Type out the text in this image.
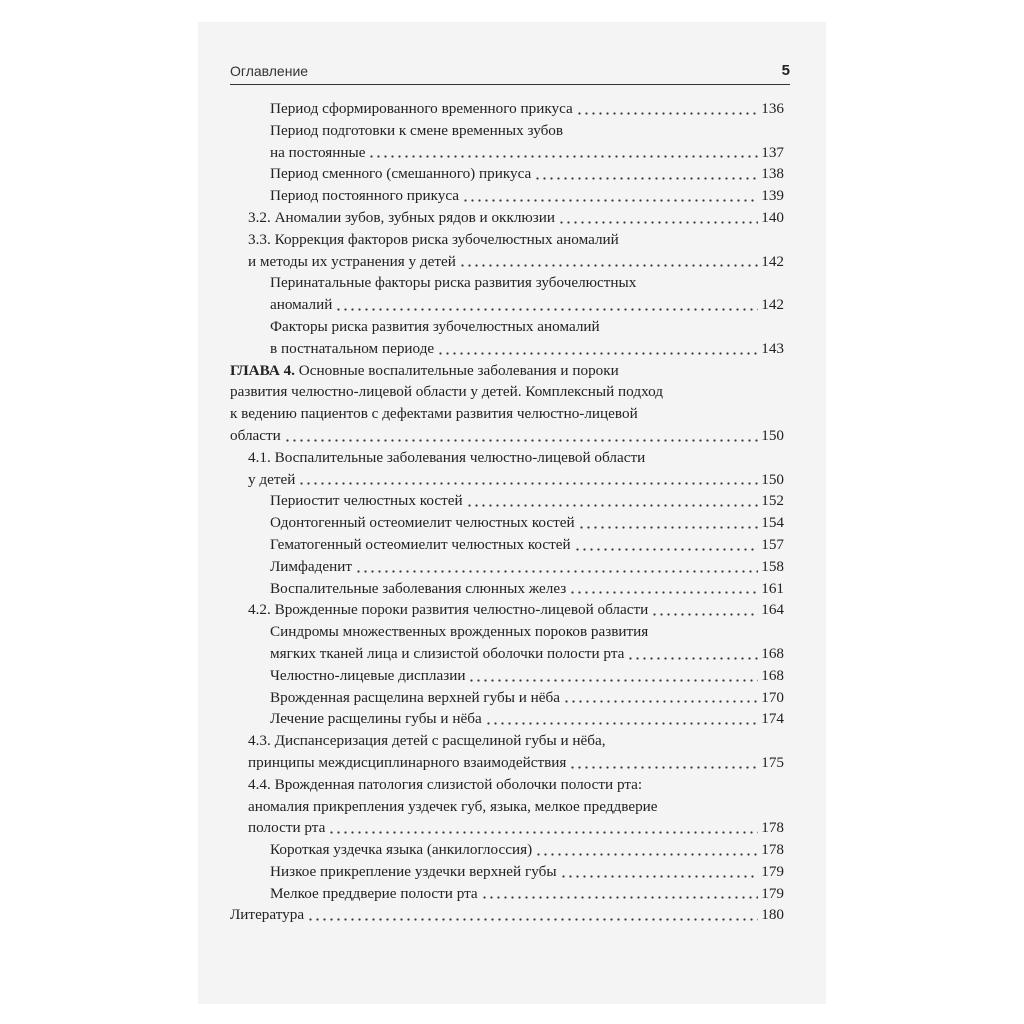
Оглавление	5
Период сформированного временного прикуса	136
Период подготовки к смене временных зубов
на постоянные	137
Период сменного (смешанного) прикуса	138
Период постоянного прикуса	139
3.2. Аномалии зубов, зубных рядов и окклюзии	140
3.3. Коррекция факторов риска зубочелюстных аномалий
и методы их устранения у детей	142
Перинатальные факторы риска развития зубочелюстных
аномалий	142
Факторы риска развития зубочелюстных аномалий
в постнатальном периоде	143
ГЛАВА 4. Основные воспалительные заболевания и пороки
развития челюстно-лицевой области у детей. Комплексный подход
к ведению пациентов с дефектами развития челюстно-лицевой
области	150
4.1. Воспалительные заболевания челюстно-лицевой области
у детей	150
Периостит челюстных костей	152
Одонтогенный остеомиелит челюстных костей	154
Гематогенный остеомиелит челюстных костей	157
Лимфаденит	158
Воспалительные заболевания слюнных желез	161
4.2. Врожденные пороки развития челюстно-лицевой области	164
Синдромы множественных врожденных пороков развития
мягких тканей лица и слизистой оболочки полости рта	168
Челюстно-лицевые дисплазии	168
Врожденная расщелина верхней губы и нёба	170
Лечение расщелины губы и нёба	174
4.3. Диспансеризация детей с расщелиной губы и нёба,
принципы междисциплинарного взаимодействия	175
4.4. Врожденная патология слизистой оболочки полости рта:
аномалия прикрепления уздечек губ, языка, мелкое преддверие
полости рта	178
Короткая уздечка языка (анкилоглоссия)	178
Низкое прикрепление уздечки верхней губы	179
Мелкое преддверие полости рта	179
Литература	180
